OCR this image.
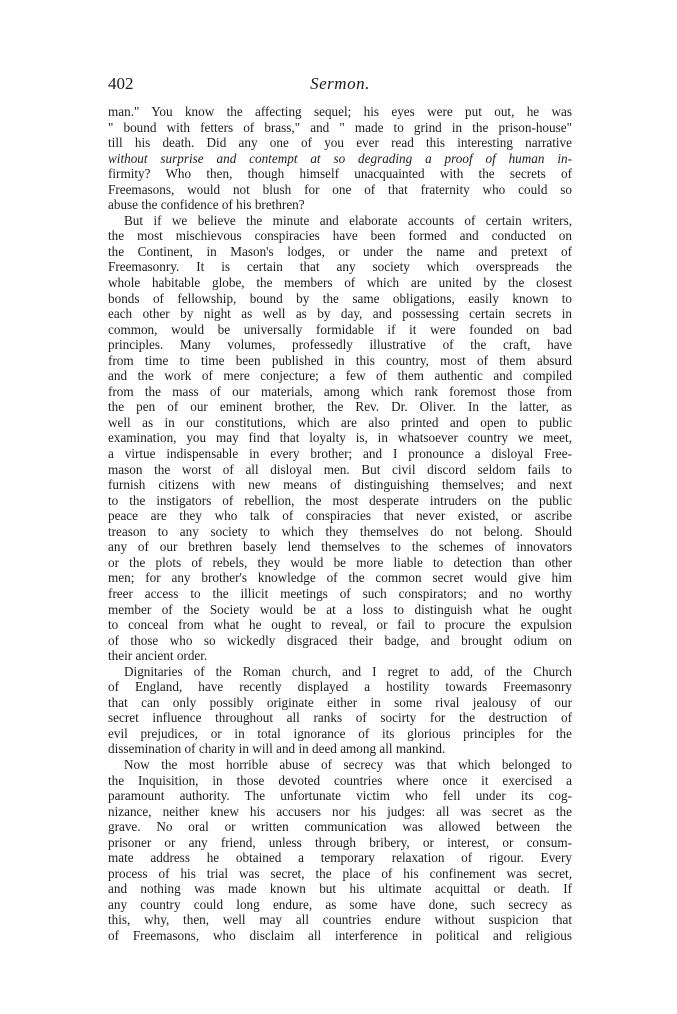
402	Sermon.
man." You know the affecting sequel; his eyes were put out, he was
" bound with fetters of brass," and " made to grind in the prison-house"
till his death. Did any one of you ever read this interesting narrative
without surprise and contempt at so degrading a proof of human in-
firmity? Who then, though himself unacquainted with the secrets of
Freemasons, would not blush for one of that fraternity who could so
abuse the confidence of his brethren?
But if we believe the minute and elaborate accounts of certain writers,
the most mischievous conspiracies have been formed and conducted on
the Continent, in Mason's lodges, or under the name and pretext of
Freemasonry. It is certain that any society which overspreads the
whole habitable globe, the members of which are united by the closest
bonds of fellowship, bound by the same obligations, easily known to
each other by night as well as by day, and possessing certain secrets in
common, would be universally formidable if it were founded on bad
principles. Many volumes, professedly illustrative of the craft, have
from time to time been published in this country, most of them absurd
and the work of mere conjecture; a few of them authentic and compiled
from the mass of our materials, among which rank foremost those from
the pen of our eminent brother, the Rev. Dr. Oliver. In the latter, as
well as in our constitutions, which are also printed and open to public
examination, you may find that loyalty is, in whatsoever country we meet,
a virtue indispensable in every brother; and I pronounce a disloyal Free-
mason the worst of all disloyal men. But civil discord seldom fails to
furnish citizens with new means of distinguishing themselves; and next
to the instigators of rebellion, the most desperate intruders on the public
peace are they who talk of conspiracies that never existed, or ascribe
treason to any society to which they themselves do not belong. Should
any of our brethren basely lend themselves to the schemes of innovators
or the plots of rebels, they would be more liable to detection than other
men; for any brother's knowledge of the common secret would give him
freer access to the illicit meetings of such conspirators; and no worthy
member of the Society would be at a loss to distinguish what he ought
to conceal from what he ought to reveal, or fail to procure the expulsion
of those who so wickedly disgraced their badge, and brought odium on
their ancient order.
Dignitaries of the Roman church, and I regret to add, of the Church
of England, have recently displayed a hostility towards Freemasonry
that can only possibly originate either in some rival jealousy of our
secret influence throughout all ranks of socirty for the destruction of
evil prejudices, or in total ignorance of its glorious principles for the
dissemination of charity in will and in deed among all mankind.
Now the most horrible abuse of secrecy was that which belonged to
the Inquisition, in those devoted countries where once it exercised a
paramount authority. The unfortunate victim who fell under its cog-
nizance, neither knew his accusers nor his judges: all was secret as the
grave. No oral or written communication was allowed between the
prisoner or any friend, unless through bribery, or interest, or consum-
mate address he obtained a temporary relaxation of rigour. Every
process of his trial was secret, the place of his confinement was secret,
and nothing was made known but his ultimate acquittal or death. If
any country could long endure, as some have done, such secrecy as
this, why, then, well may all countries endure without suspicion that
of Freemasons, who disclaim all interference in political and religious
